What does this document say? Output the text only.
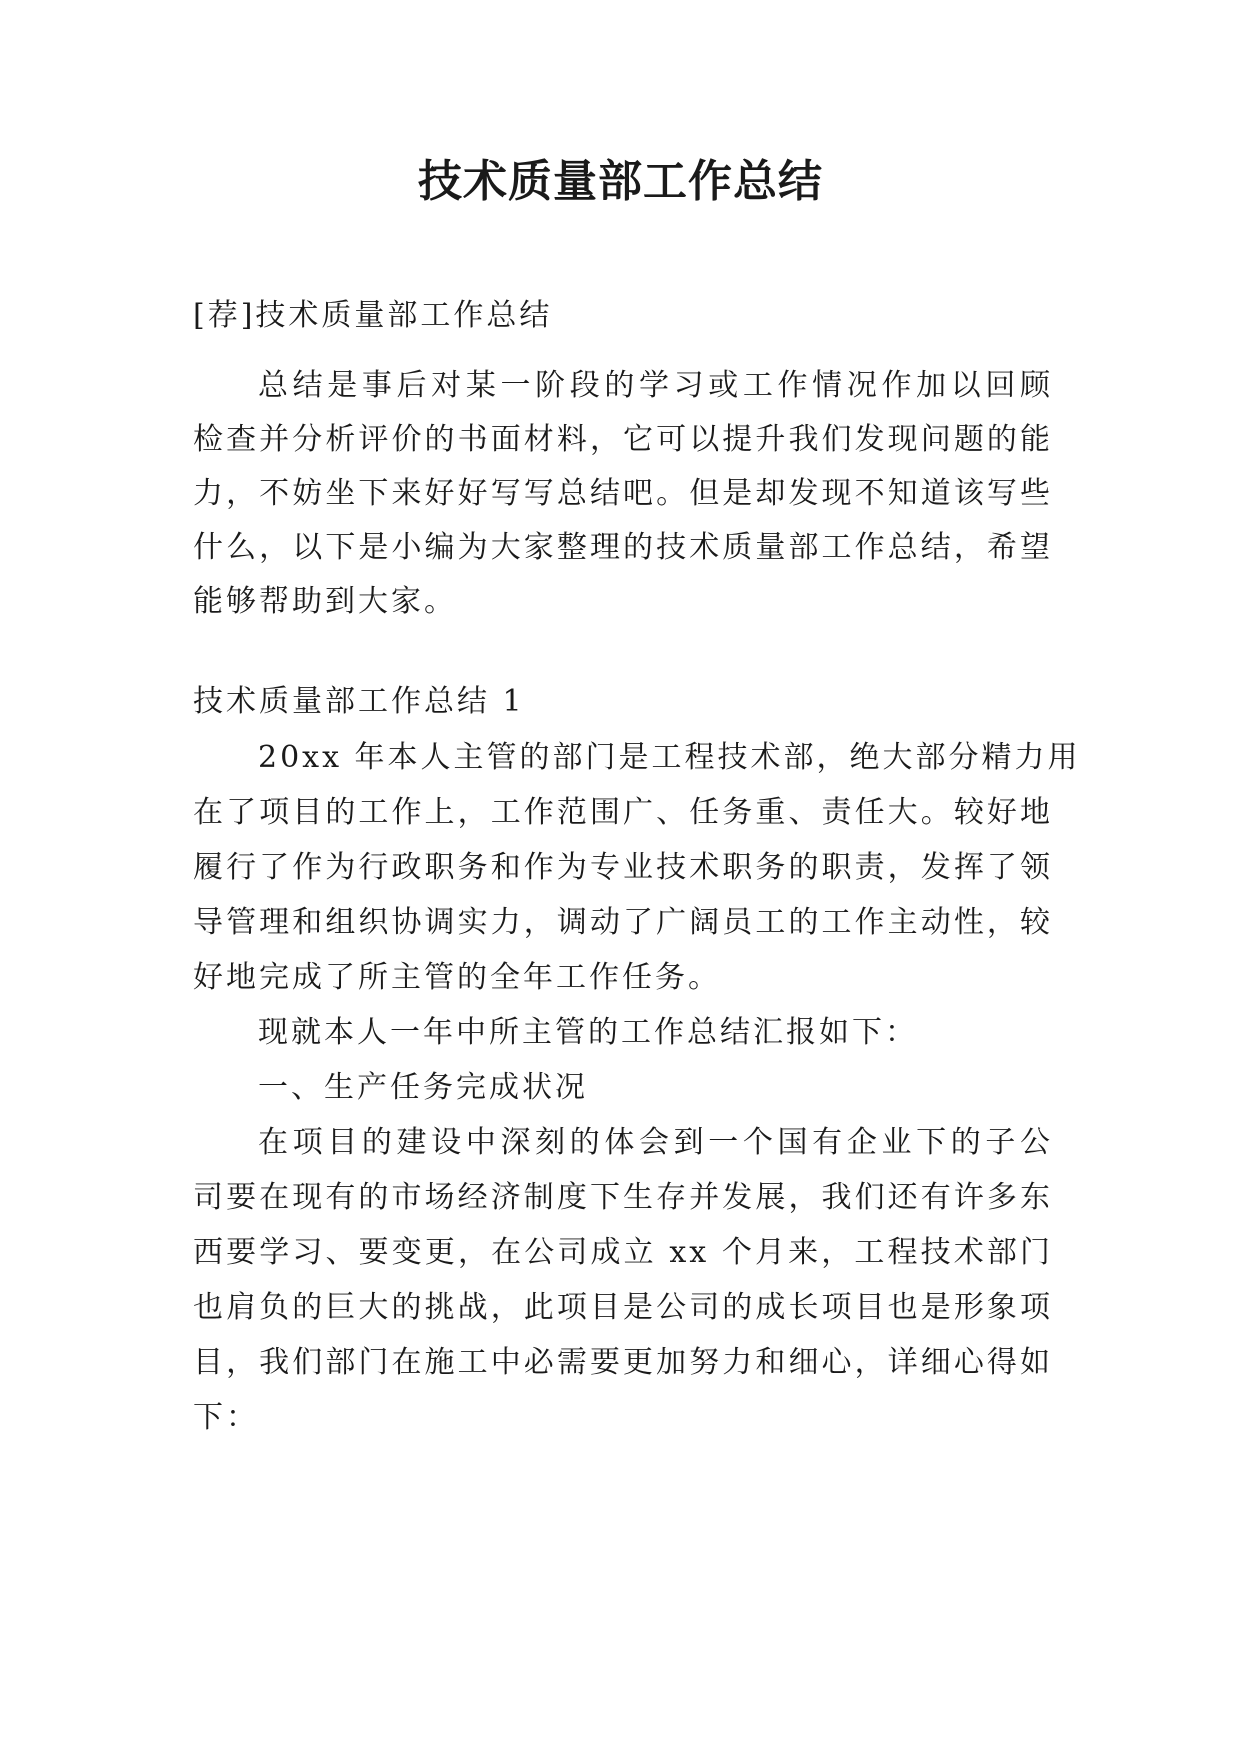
技术质量部工作总结
[荐]技术质量部工作总结
总结是事后对某一阶段的学习或工作情况作加以回顾
检查并分析评价的书面材料，它可以提升我们发现问题的能
力，不妨坐下来好好写写总结吧。但是却发现不知道该写些
什么，以下是小编为大家整理的技术质量部工作总结，希望
能够帮助到大家。
技术质量部工作总结 1
20xx 年本人主管的部门是工程技术部，绝大部分精力用
在了项目的工作上，工作范围广、任务重、责任大。较好地
履行了作为行政职务和作为专业技术职务的职责，发挥了领
导管理和组织协调实力，调动了广阔员工的工作主动性，较
好地完成了所主管的全年工作任务。
现就本人一年中所主管的工作总结汇报如下：
一、生产任务完成状况
在项目的建设中深刻的体会到一个国有企业下的子公
司要在现有的市场经济制度下生存并发展，我们还有许多东
西要学习、要变更，在公司成立 xx 个月来，工程技术部门
也肩负的巨大的挑战，此项目是公司的成长项目也是形象项
目，我们部门在施工中必需要更加努力和细心，详细心得如
下：
